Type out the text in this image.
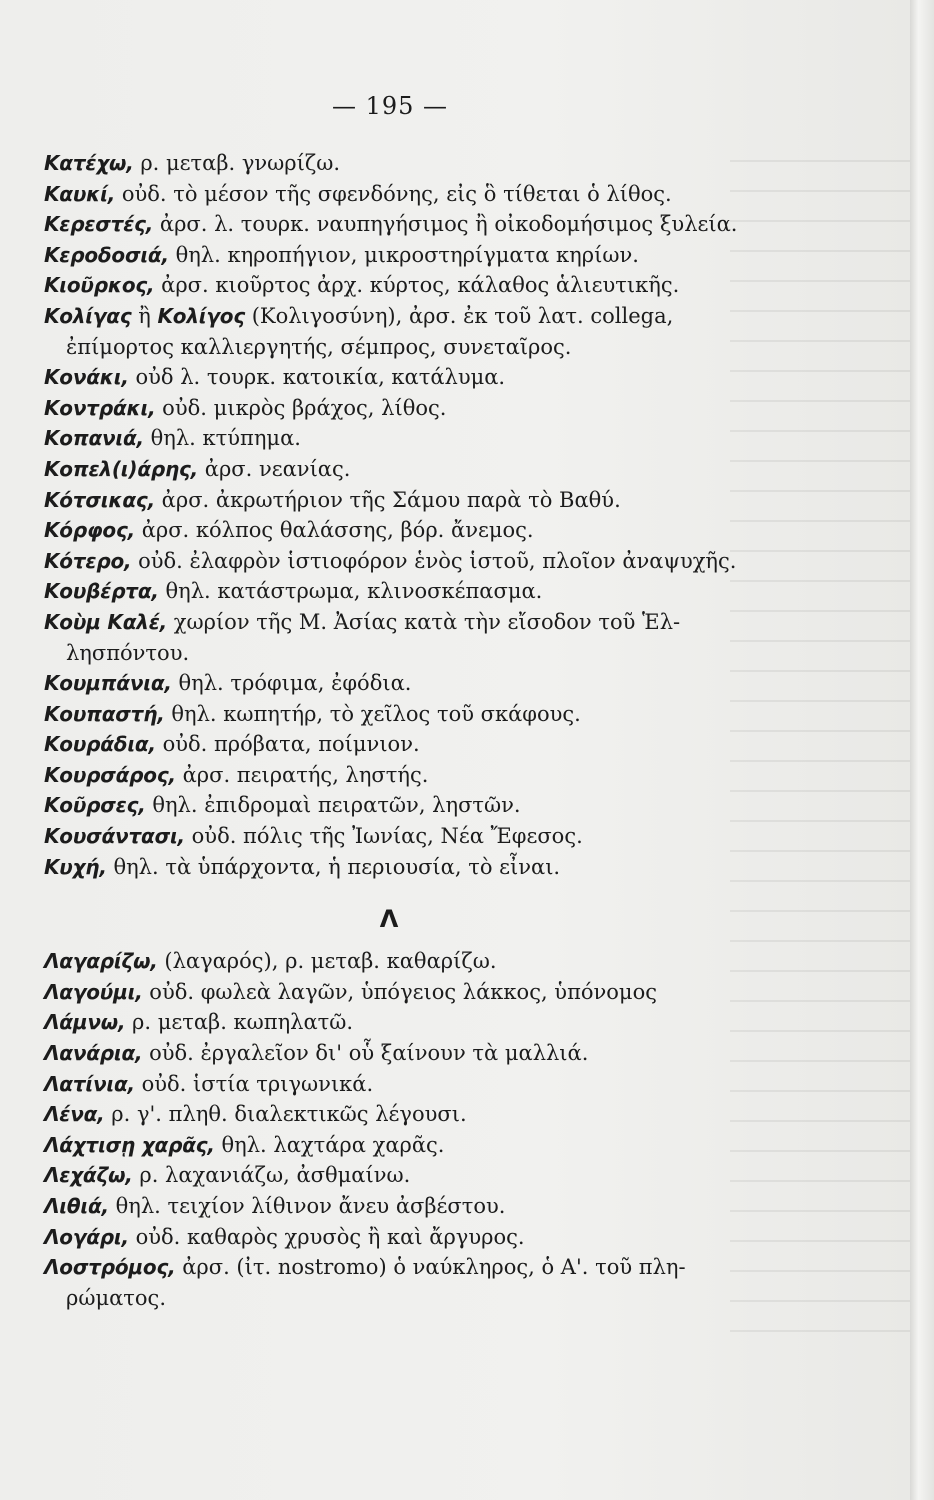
— 195 —
Κατέχω, ρ. μεταβ. γνωρίζω.
Καυκί, οὐδ. τὸ μέσον τῆς σφενδόνης, εἰς ὃ τίθεται ὁ λίθος.
Κερεστές, ἀρσ. λ. τουρκ. ναυπηγήσιμος ἢ οἰκοδομήσιμος ξυλεία.
Κεροδοσιά, θηλ. κηροπήγιον, μικροστηρίγματα κηρίων.
Κιοῦρκος, ἀρσ. κιοῦρτος ἀρχ. κύρτος, κάλαθος ἁλιευτικῆς.
Κολίγας ἢ Κολίγος (Κολιγοσύνη), ἀρσ. ἐκ τοῦ λατ. collega,
ἐπίμορτος καλλιεργητής, σέμπρος, συνεταῖρος.
Κονάκι, οὐδ λ. τουρκ. κατοικία, κατάλυμα.
Κοντράκι, οὐδ. μικρὸς βράχος, λίθος.
Κοπανιά, θηλ. κτύπημα.
Κοπελ(ι)άρης, ἀρσ. νεανίας.
Κότσικας, ἀρσ. ἀκρωτήριον τῆς Σάμου παρὰ τὸ Βαθύ.
Κόρφος, ἀρσ. κόλπος θαλάσσης, βόρ. ἄνεμος.
Κότερο, οὐδ. ἐλαφρὸν ἱστιοφόρον ἑνὸς ἱστοῦ, πλοῖον ἀναψυχῆς.
Κουβέρτα, θηλ. κατάστρωμα, κλινοσκέπασμα.
Κοὺμ Καλέ, χωρίον τῆς Μ. Ἀσίας κατὰ τὴν εἴσοδον τοῦ Ἑλ-
λησπόντου.
Κουμπάνια, θηλ. τρόφιμα, ἐφόδια.
Κουπαστή, θηλ. κωπητήρ, τὸ χεῖλος τοῦ σκάφους.
Κουράδια, οὐδ. πρόβατα, ποίμνιον.
Κουρσάρος, ἀρσ. πειρατής, ληστής.
Κοῦρσες, θηλ. ἐπιδρομαὶ πειρατῶν, ληστῶν.
Κουσάντασι, οὐδ. πόλις τῆς Ἰωνίας, Νέα Ἔφεσος.
Κυχή, θηλ. τὰ ὑπάρχοντα, ἡ περιουσία, τὸ εἶναι.
Λ
Λαγαρίζω, (λαγαρός), ρ. μεταβ. καθαρίζω.
Λαγούμι, οὐδ. φωλεὰ λαγῶν, ὑπόγειος λάκκος, ὑπόνομος
Λάμνω, ρ. μεταβ. κωπηλατῶ.
Λανάρια, οὐδ. ἐργαλεῖον δι' οὗ ξαίνουν τὰ μαλλιά.
Λατίνια, οὐδ. ἱστία τριγωνικά.
Λένα, ρ. γ'. πληθ. διαλεκτικῶς λέγουσι.
Λάχτισῃ χαρᾶς, θηλ. λαχτάρα χαρᾶς.
Λεχάζω, ρ. λαχανιάζω, ἀσθμαίνω.
Λιθιά, θηλ. τειχίον λίθινον ἄνευ ἀσβέστου.
Λογάρι, οὐδ. καθαρὸς χρυσὸς ἢ καὶ ἄργυρος.
Λοστρόμος, ἀρσ. (ἰτ. nostromo) ὁ ναύκληρος, ὁ Α'. τοῦ πλη-
ρώματος.
